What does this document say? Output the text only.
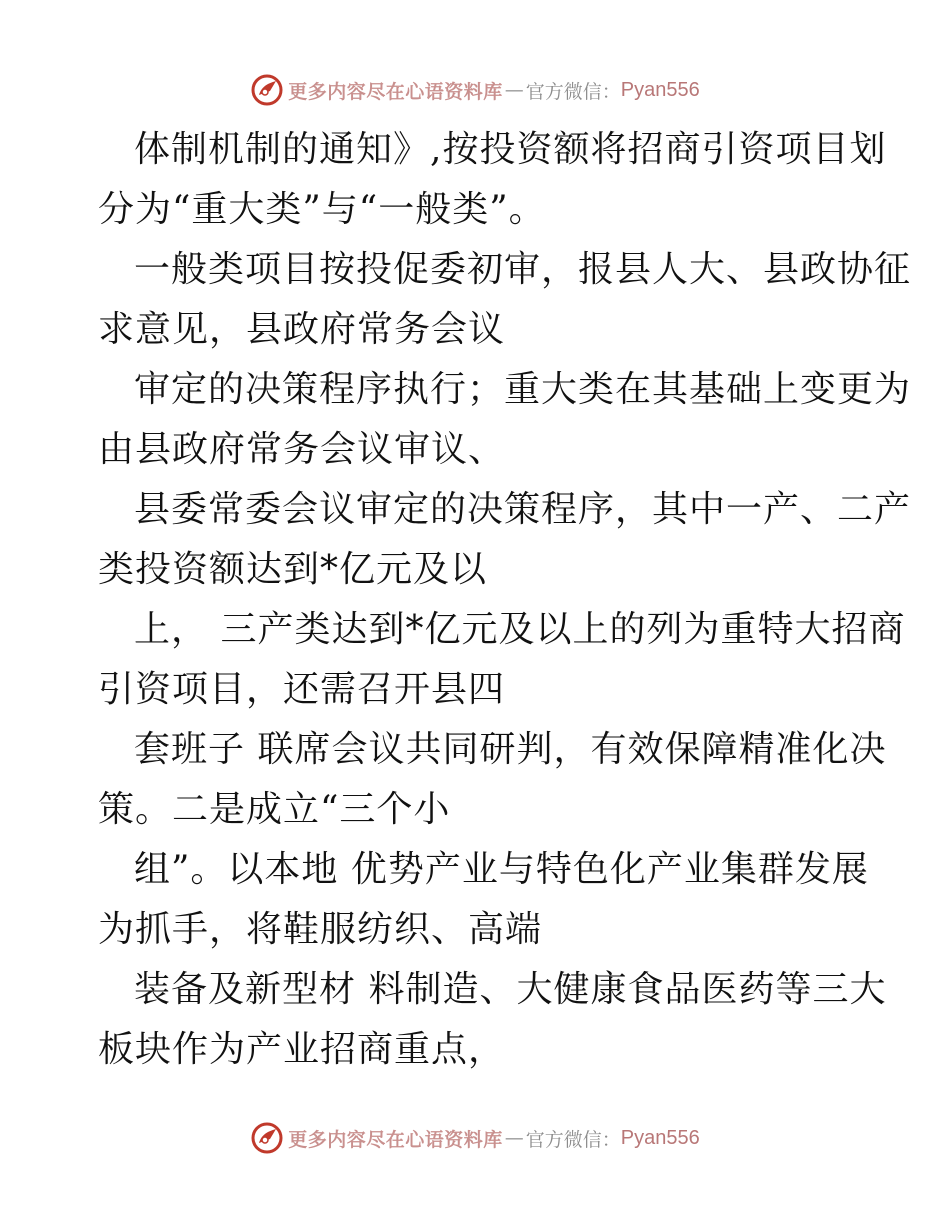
更多内容尽在心语资料库 — 官方微信： Pyan556
体制机制的通知》,按投资额将招商引资项目划
分为“重大类”与“一般类”。
一般类项目按投促委初审，报县人大、县政协征
求意见，县政府常务会议
审定的决策程序执行；重大类在其基础上变更为
由县政府常务会议审议、
县委常委会议审定的决策程序，其中一产、二产
类投资额达到*亿元及以
上， 三产类达到*亿元及以上的列为重特大招商
引资项目，还需召开县四
套班子 联席会议共同研判，有效保障精准化决
策。二是成立“三个小
组”。以本地 优势产业与特色化产业集群发展
为抓手，将鞋服纺织、高端
装备及新型材 料制造、大健康食品医药等三大
板块作为产业招商重点，
更多内容尽在心语资料库 — 官方微信： Pyan556
